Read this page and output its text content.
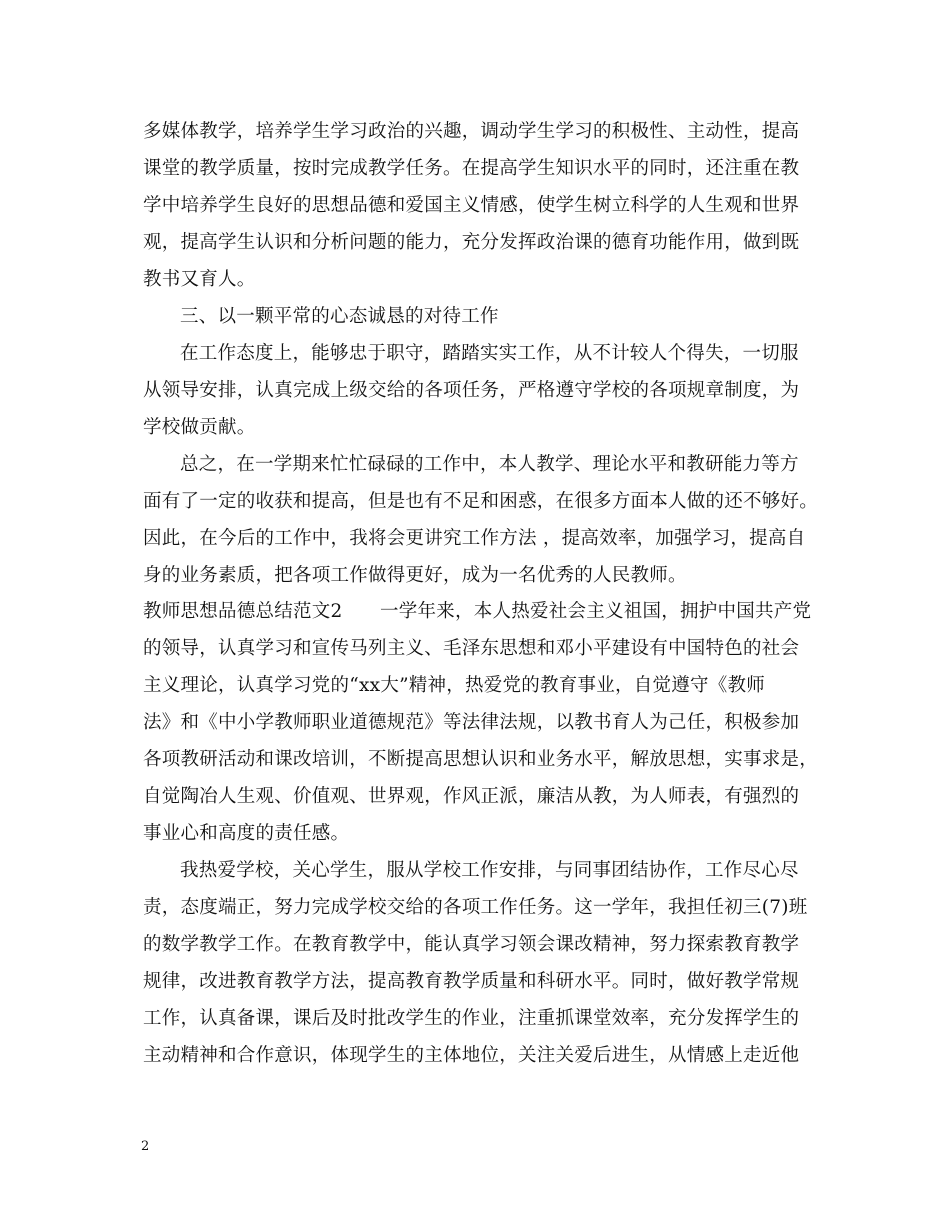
多媒体教学，培养学生学习政治的兴趣，调动学生学习的积极性、主动性，提高
课堂的教学质量，按时完成教学任务。在提高学生知识水平的同时，还注重在教
学中培养学生良好的思想品德和爱国主义情感，使学生树立科学的人生观和世界
观，提高学生认识和分析问题的能力，充分发挥政治课的德育功能作用，做到既
教书又育人。
三、以一颗平常的心态诚恳的对待工作
在工作态度上，能够忠于职守，踏踏实实工作，从不计较人个得失，一切服
从领导安排，认真完成上级交给的各项任务，严格遵守学校的各项规章制度，为
学校做贡献。
总之，在一学期来忙忙碌碌的工作中，本人教学、理论水平和教研能力等方
面有了一定的收获和提高，但是也有不足和困惑，在很多方面本人做的还不够好。
因此，在今后的工作中，我将会更讲究工作方法 ，提高效率，加强学习，提高自
身的业务素质，把各项工作做得更好，成为一名优秀的人民教师。
教师思想品德总结范文2　　一学年来，本人热爱社会主义祖国，拥护中国共产党
的领导，认真学习和宣传马列主义、毛泽东思想和邓小平建设有中国特色的社会
主义理论，认真学习党的“xx大”精神，热爱党的教育事业，自觉遵守《教师
法》和《中小学教师职业道德规范》等法律法规，以教书育人为己任，积极参加
各项教研活动和课改培训，不断提高思想认识和业务水平，解放思想，实事求是，
自觉陶冶人生观、价值观、世界观，作风正派，廉洁从教，为人师表，有强烈的
事业心和高度的责任感。
我热爱学校，关心学生，服从学校工作安排，与同事团结协作，工作尽心尽
责，态度端正，努力完成学校交给的各项工作任务。这一学年，我担任初三(7)班
的数学教学工作。在教育教学中，能认真学习领会课改精神，努力探索教育教学
规律，改进教育教学方法，提高教育教学质量和科研水平。同时，做好教学常规
工作，认真备课，课后及时批改学生的作业，注重抓课堂效率，充分发挥学生的
主动精神和合作意识，体现学生的主体地位，关注关爱后进生，从情感上走近他
2
